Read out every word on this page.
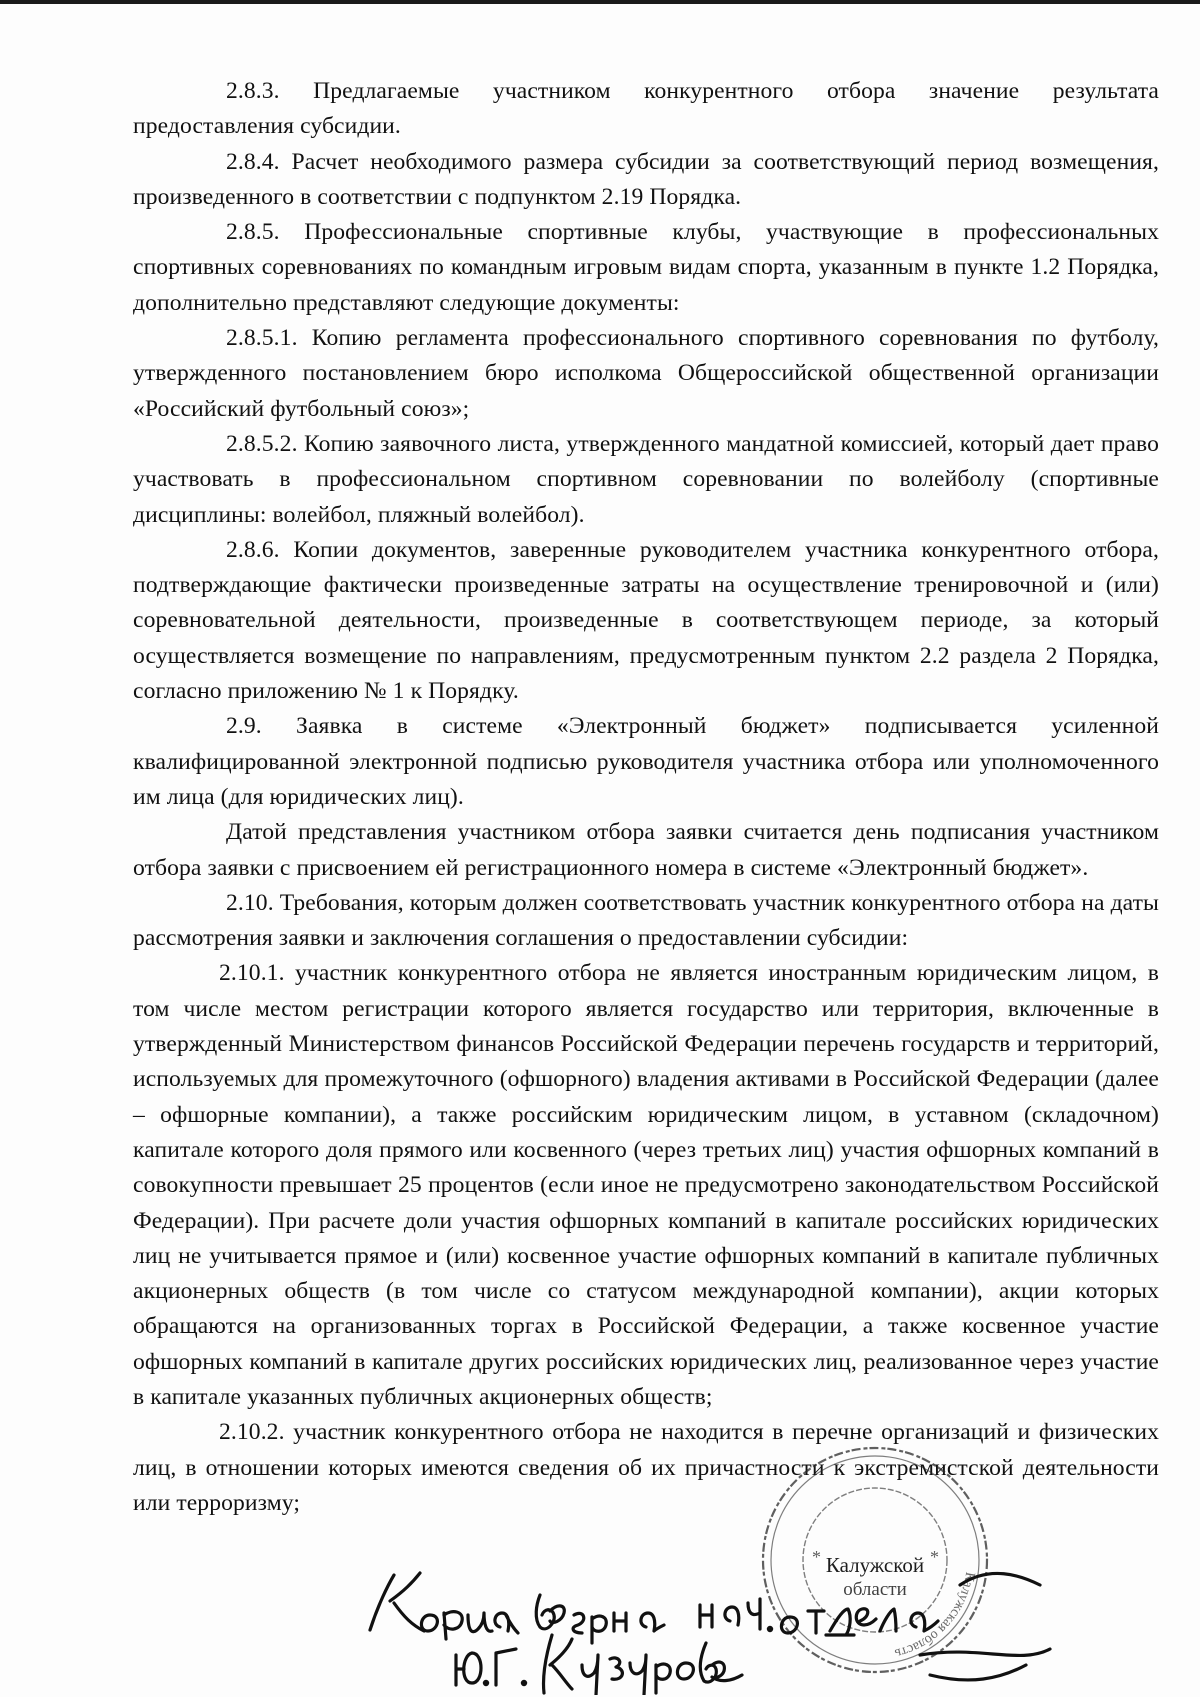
2.8.3. Предлагаемые участником конкурентного отбора значение результата предоставления субсидии.

2.8.4. Расчет необходимого размера субсидии за соответствующий период возмещения, произведенного в соответствии с подпунктом 2.19 Порядка.

2.8.5. Профессиональные спортивные клубы, участвующие в профессиональных спортивных соревнованиях по командным игровым видам спорта, указанным в пункте 1.2 Порядка, дополнительно представляют следующие документы:

2.8.5.1. Копию регламента профессионального спортивного соревнования по футболу, утвержденного постановлением бюро исполкома Общероссийской общественной организации «Российский футбольный союз»;

2.8.5.2. Копию заявочного листа, утвержденного мандатной комиссией, который дает право участвовать в профессиональном спортивном соревновании по волейболу (спортивные дисциплины: волейбол, пляжный волейбол).

2.8.6. Копии документов, заверенные руководителем участника конкурентного отбора, подтверждающие фактически произведенные затраты на осуществление тренировочной и (или) соревновательной деятельности, произведенные в соответствующем периоде, за который осуществляется возмещение по направлениям, предусмотренным пунктом 2.2 раздела 2 Порядка, согласно приложению № 1 к Порядку.

2.9. Заявка в системе «Электронный бюджет» подписывается усиленной квалифицированной электронной подписью руководителя участника отбора или уполномоченного им лица (для юридических лиц).

Датой представления участником отбора заявки считается день подписания участником отбора заявки с присвоением ей регистрационного номера в системе «Электронный бюджет».

2.10. Требования, которым должен соответствовать участник конкурентного отбора на даты рассмотрения заявки и заключения соглашения о предоставлении субсидии:

2.10.1. участник конкурентного отбора не является иностранным юридическим лицом, в том числе местом регистрации которого является государство или территория, включенные в утвержденный Министерством финансов Российской Федерации перечень государств и территорий, используемых для промежуточного (офшорного) владения активами в Российской Федерации (далее – офшорные компании), а также российским юридическим лицом, в уставном (складочном) капитале которого доля прямого или косвенного (через третьих лиц) участия офшорных компаний в совокупности превышает 25 процентов (если иное не предусмотрено законодательством Российской Федерации). При расчете доли участия офшорных компаний в капитале российских юридических лиц не учитывается прямое и (или) косвенное участие офшорных компаний в капитале публичных акционерных обществ (в том числе со статусом международной компании), акции которых обращаются на организованных торгах в Российской Федерации, а также косвенное участие офшорных компаний в капитале других российских юридических лиц, реализованное через участие в капитале указанных публичных акционерных обществ;

2.10.2. участник конкурентного отбора не находится в перечне организаций и физических лиц, в отношении которых имеются сведения об их причастности к экстремистской деятельности или терроризму;

Калужская область
*	*
Калужской
области
